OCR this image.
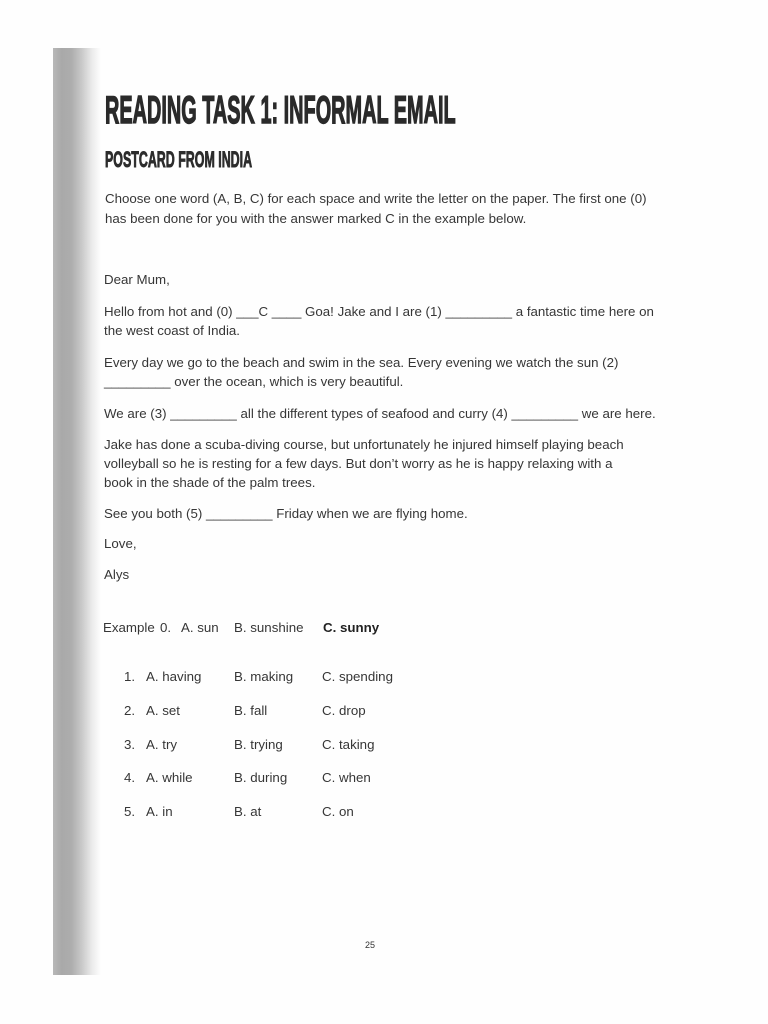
READING TASK 1: INFORMAL EMAIL
POSTCARD FROM INDIA
Choose one word (A, B, C) for each space and write the letter on the paper. The first one (0)
has been done for you with the answer marked C in the example below.
Dear Mum,
Hello from hot and (0) ___C ____ Goa! Jake and I are (1) _________ a fantastic time here on
the west coast of India.
Every day we go to the beach and swim in the sea. Every evening we watch the sun (2)
_________ over the ocean, which is very beautiful.
We are (3) _________ all the different types of seafood and curry (4) _________ we are here.
Jake has done a scuba-diving course, but unfortunately he injured himself playing beach
volleyball so he is resting for a few days. But don’t worry as he is happy relaxing with a
book in the shade of the palm trees.
See you both (5) _________ Friday when we are flying home.
Love,
Alys
Example 0. A. sun B. sunshine C. sunny
1. A. having B. making C. spending
2. A. set	B. fall	C. drop
3. A. try	B. trying	C. taking
4. A. while	B. during	C. when
5. A. in	B. at	C. on
25
